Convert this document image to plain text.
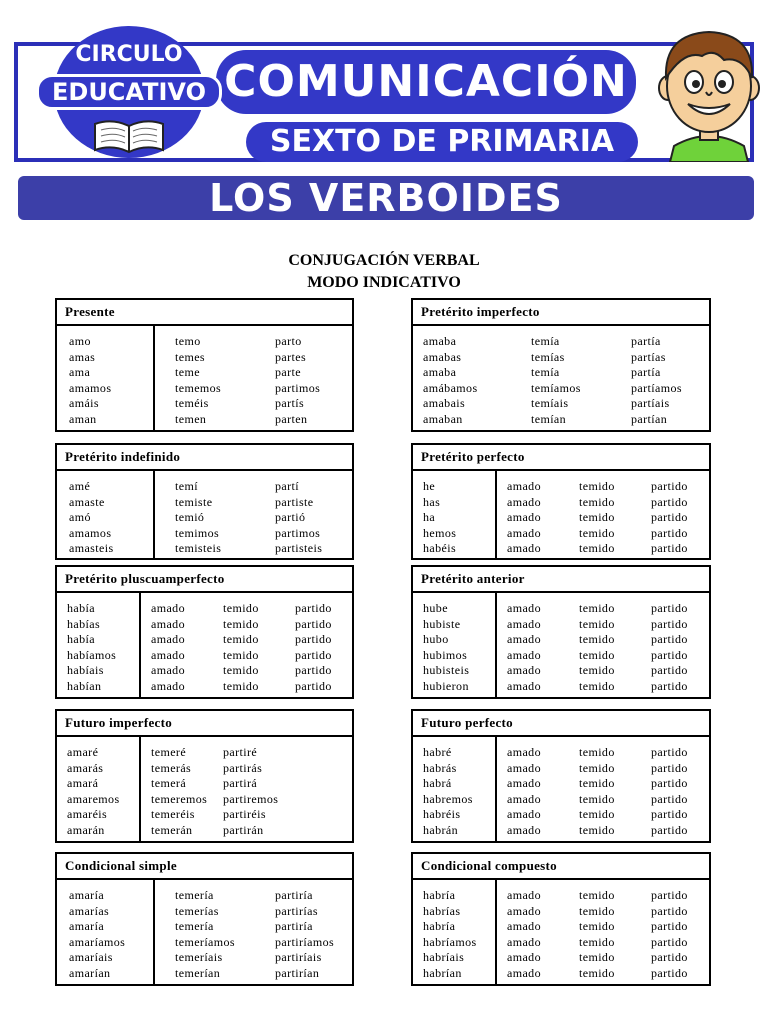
COMUNICACIÓN
SEXTO DE PRIMARIA
CIRCULO
EDUCATIVO
LOS VERBOIDES
CONJUGACIÓN VERBAL
MODO INDICATIVO
Presente
amo
amas
ama
amamos
amáis
aman
temo
temes
teme
tememos
teméis
temen
parto
partes
parte
partimos
partís
parten
Pretérito imperfecto
amaba
amabas
amaba
amábamos
amabais
amaban
temía
temías
temía
temíamos
temíais
temían
partía
partías
partía
partíamos
partíais
partían
Pretérito indefinido
amé
amaste
amó
amamos
amasteis
temí
temiste
temió
temimos
temisteis
partí
partiste
partió
partimos
partisteis
Pretérito perfecto
he
has
ha
hemos
habéis
amado
amado
amado
amado
amado
temido
temido
temido
temido
temido
partido
partido
partido
partido
partido
Pretérito pluscuamperfecto
había
habías
había
habíamos
habíais
habían
amado
amado
amado
amado
amado
amado
temido
temido
temido
temido
temido
temido
partido
partido
partido
partido
partido
partido
Pretérito anterior
hube
hubiste
hubo
hubimos
hubisteis
hubieron
amado
amado
amado
amado
amado
amado
temido
temido
temido
temido
temido
temido
partido
partido
partido
partido
partido
partido
Futuro imperfecto
amaré
amarás
amará
amaremos
amaréis
amarán
temeré
temerás
temerá
temeremos
temeréis
temerán
partiré
partirás
partirá
partiremos
partiréis
partirán
Futuro perfecto
habré
habrás
habrá
habremos
habréis
habrán
amado
amado
amado
amado
amado
amado
temido
temido
temido
temido
temido
temido
partido
partido
partido
partido
partido
partido
Condicional simple
amaría
amarías
amaría
amaríamos
amaríais
amarían
temería
temerías
temería
temeríamos
temeríais
temerían
partiría
partirías
partiría
partiríamos
partiríais
partirían
Condicional compuesto
habría
habrías
habría
habríamos
habríais
habrían
amado
amado
amado
amado
amado
amado
temido
temido
temido
temido
temido
temido
partido
partido
partido
partido
partido
partido
